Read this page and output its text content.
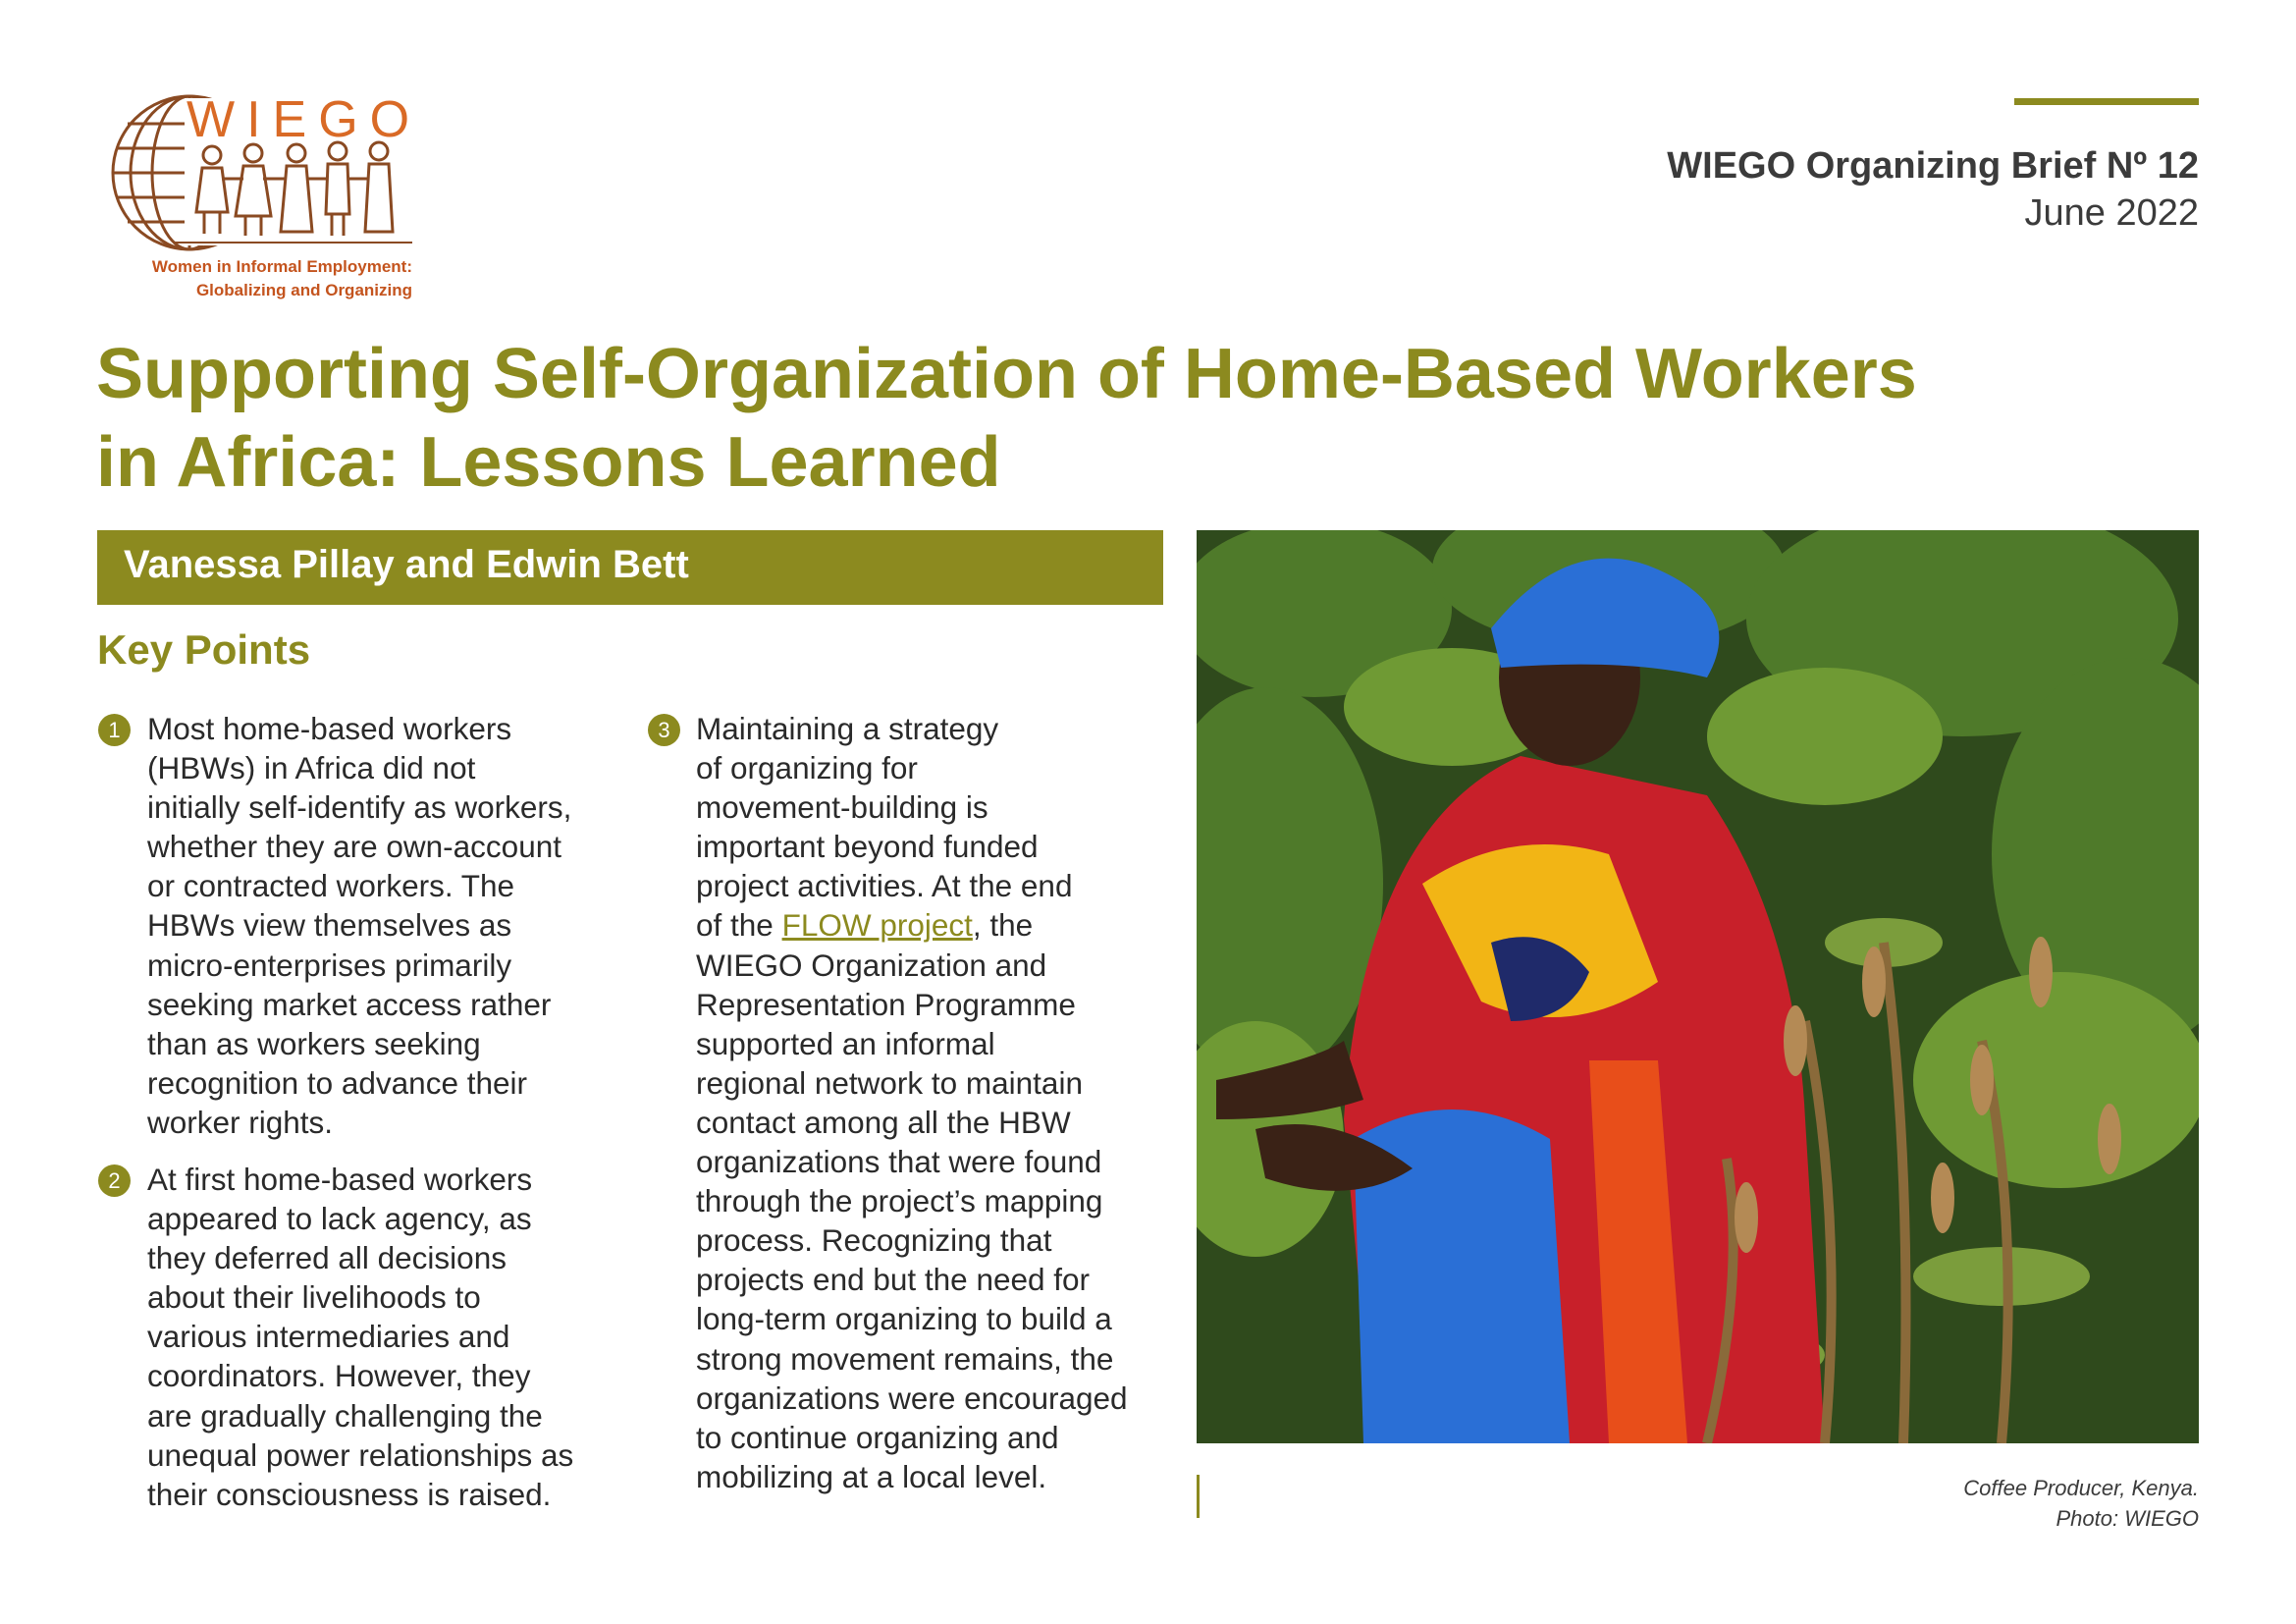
WIEGO
Women in Informal Employment:
Globalizing and Organizing
WIEGO Organizing Brief Nº 12
June 2022
Supporting Self-Organization of Home-Based Workers
in Africa: Lessons Learned
Vanessa Pillay and Edwin Bett
Key Points
1 Most home-based workers
(HBWs) in Africa did not
initially self-identify as workers,
whether they are own-account
or contracted workers. The
HBWs view themselves as
micro-enterprises primarily
seeking market access rather
than as workers seeking
recognition to advance their
worker rights.
2 At first home-based workers
appeared to lack agency, as
they deferred all decisions
about their livelihoods to
various intermediaries and
coordinators. However, they
are gradually challenging the
unequal power relationships as
their consciousness is raised.
3 Maintaining a strategy
of organizing for
movement-building is
important beyond funded
project activities. At the end
of the FLOW project, the
WIEGO Organization and
Representation Programme
supported an informal
regional network to maintain
contact among all the HBW
organizations that were found
through the project’s mapping
process. Recognizing that
projects end but the need for
long-term organizing to build a
strong movement remains, the
organizations were encouraged
to continue organizing and
mobilizing at a local level.	Coffee Producer, Kenya.
Photo: WIEGO
